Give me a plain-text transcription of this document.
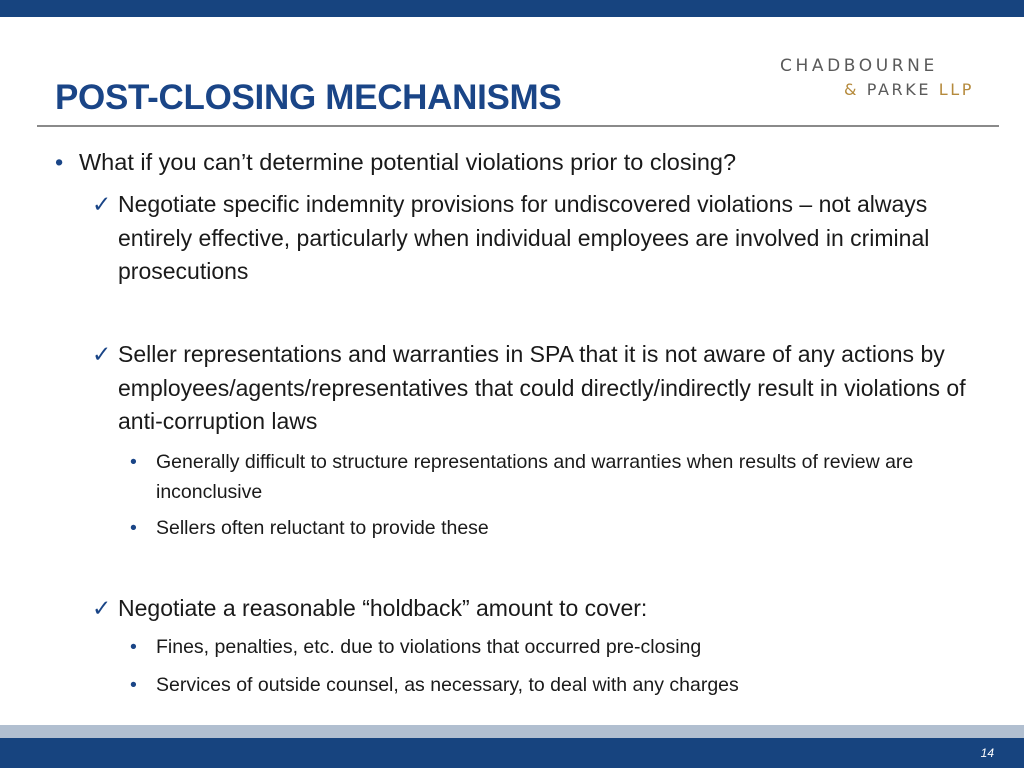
POST-CLOSING MECHANISMS
CHADBOURNE
& PARKE LLP
• What if you can’t determine potential violations prior to closing?
✓ Negotiate specific indemnity provisions for undiscovered violations – not always entirely effective, particularly when individual employees are involved in criminal prosecutions
✓ Seller representations and warranties in SPA that it is not aware of any actions by employees/agents/representatives that could directly/indirectly result in violations of anti-corruption laws
• Generally difficult to structure representations and warranties when results of review are inconclusive
• Sellers often reluctant to provide these
✓ Negotiate a reasonable “holdback” amount to cover:
• Fines, penalties, etc. due to violations that occurred pre-closing
• Services of outside counsel, as necessary, to deal with any charges
14
